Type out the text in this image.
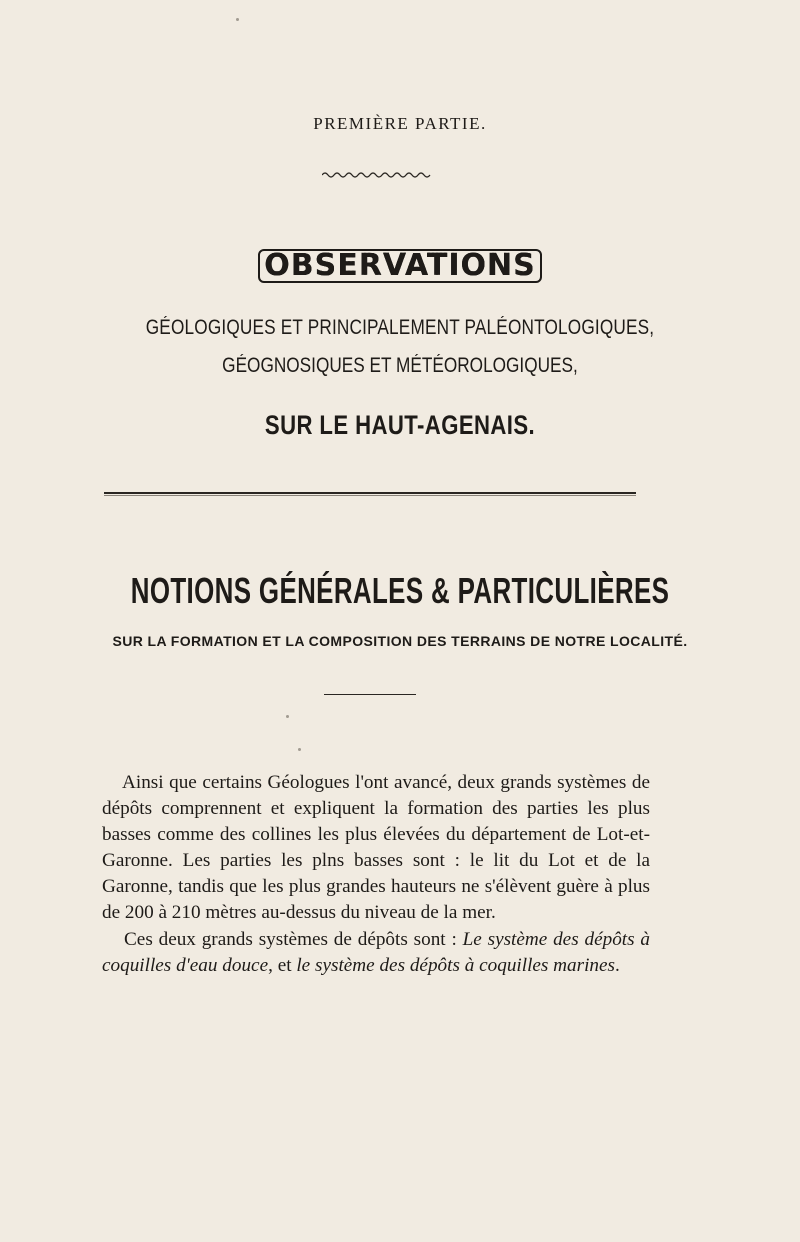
PREMIÈRE PARTIE.
OBSERVATIONS
GÉOLOGIQUES ET PRINCIPALEMENT PALÉONTOLOGIQUES,
GÉOGNOSIQUES ET MÉTÉOROLOGIQUES,
SUR LE HAUT-AGENAIS.
NOTIONS GÉNÉRALES & PARTICULIÈRES
SUR LA FORMATION ET LA COMPOSITION DES TERRAINS DE NOTRE LOCALITÉ.

Ainsi que certains Géologues l'ont avancé, deux grands systèmes de dépôts comprennent et expliquent la formation des parties les plus basses comme des collines les plus élevées du département de Lot-et-Garonne. Les parties les plns basses sont : le lit du Lot et de la Garonne, tandis que les plus grandes hauteurs ne s'élèvent guère à plus de 200 à 210 mètres au-dessus du niveau de la mer.

Ces deux grands systèmes de dépôts sont : Le système des dépôts à coquilles d'eau douce, et le système des dépôts à coquilles marines.
